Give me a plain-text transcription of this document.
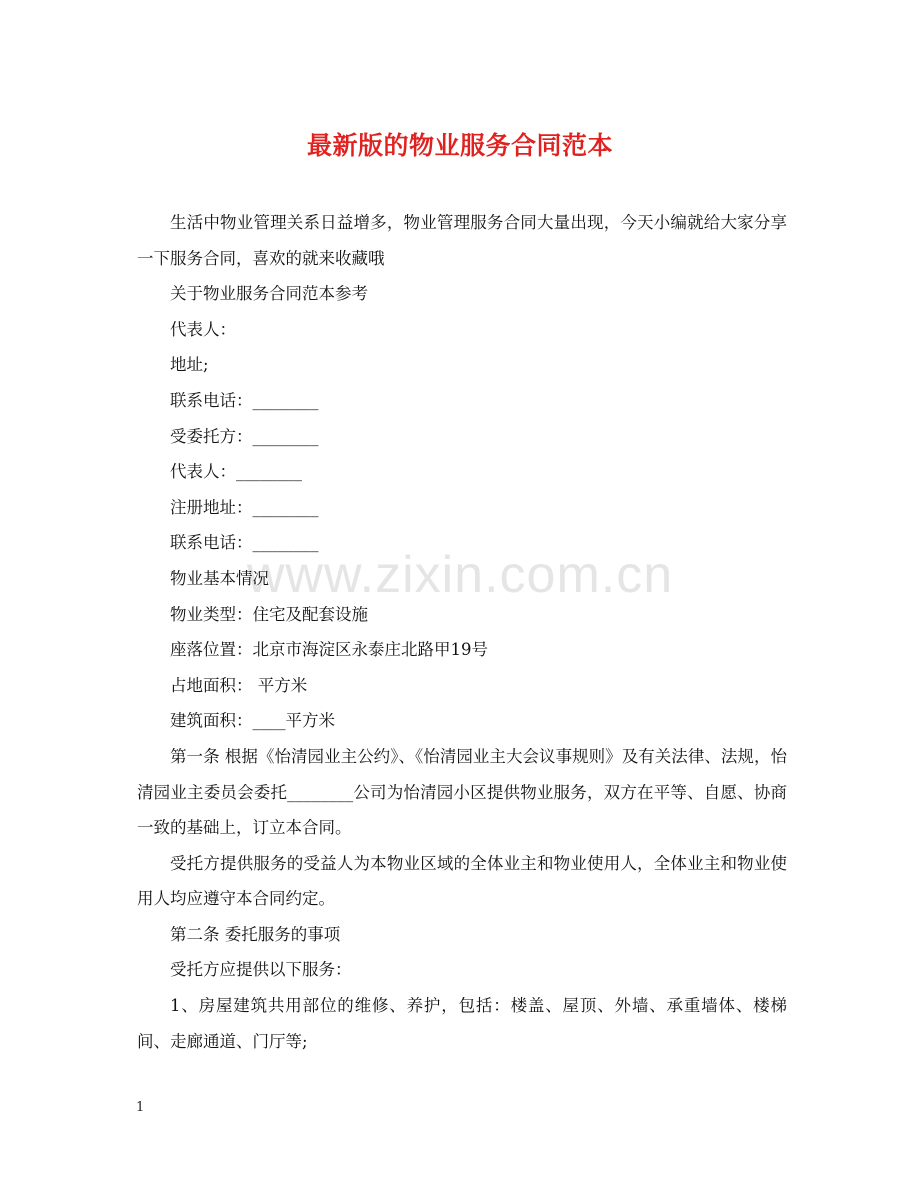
最新版的物业服务合同范本
www.zixin.com.cn

生活中物业管理关系日益增多，物业管理服务合同大量出现，今天小编就给大家分享一下服务合同，喜欢的就来收藏哦

关于物业服务合同范本参考

代表人：

地址;

联系电话：________

受委托方：________

代表人：________

注册地址：________

联系电话：________

物业基本情况

物业类型：住宅及配套设施

座落位置：北京市海淀区永泰庄北路甲19号

占地面积： 平方米

建筑面积：____平方米

第一条 根据《怡清园业主公约》、《怡清园业主大会议事规则》及有关法律、法规，怡清园业主委员会委托________公司为怡清园小区提供物业服务，双方在平等、自愿、协商一致的基础上，订立本合同。

受托方提供服务的受益人为本物业区域的全体业主和物业使用人，全体业主和物业使用人均应遵守本合同约定。

第二条 委托服务的事项

受托方应提供以下服务：

1、房屋建筑共用部位的维修、养护，包括：楼盖、屋顶、外墙、承重墙体、楼梯间、走廊通道、门厅等;

1
